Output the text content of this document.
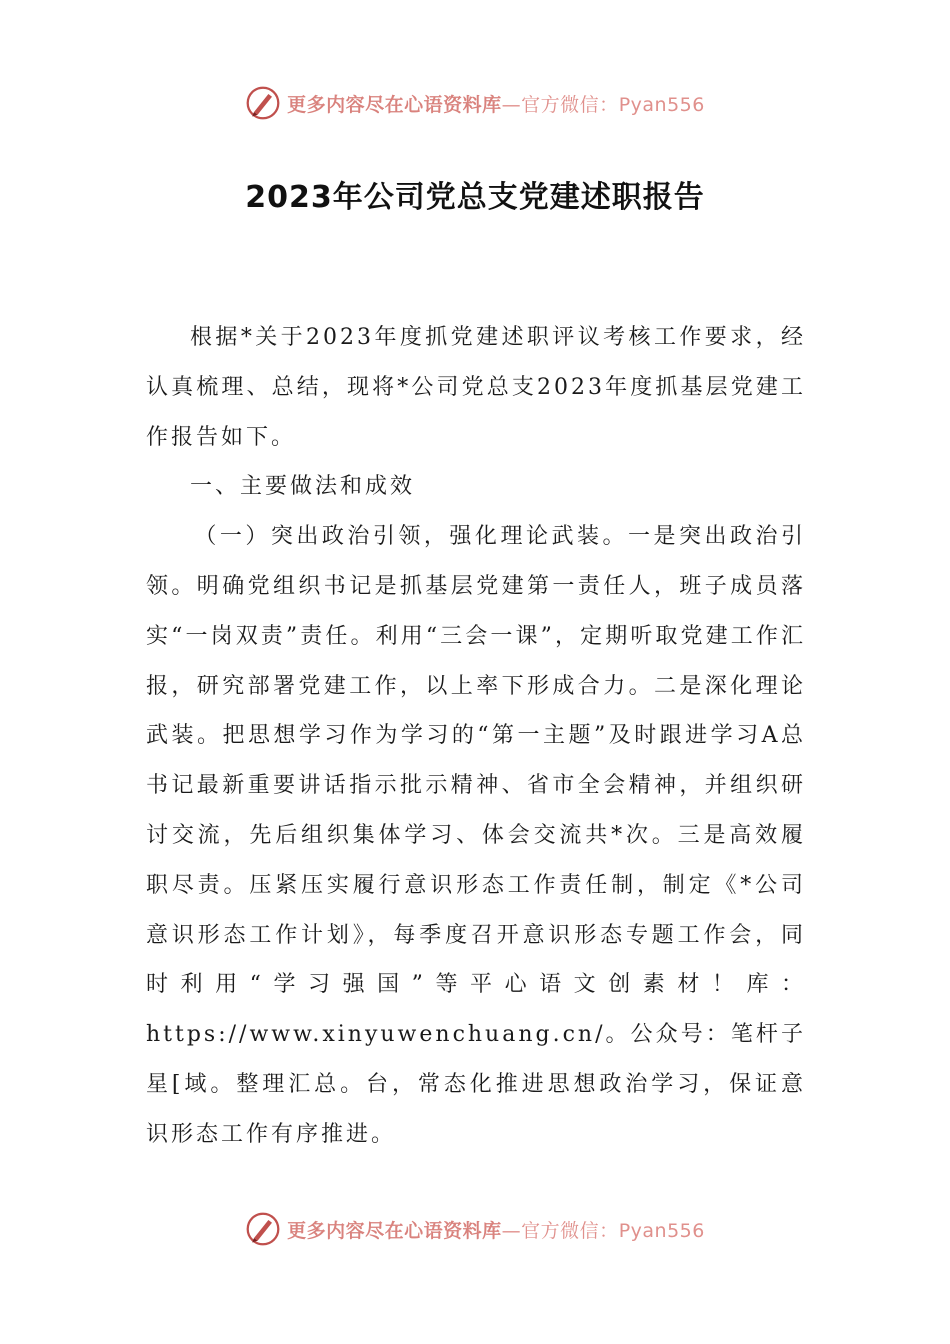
更多内容尽在心语资料库—官方微信：Pyan556
2023年公司党总支党建述职报告

根据*关于2023年度抓党建述职评议考核工作要求，经认真梳理、总结，现将*公司党总支2023年度抓基层党建工作报告如下。

一、主要做法和成效

（一）突出政治引领，强化理论武装。一是突出政治引领。明确党组织书记是抓基层党建第一责任人，班子成员落实“一岗双责”责任。利用“三会一课”，定期听取党建工作汇报，研究部署党建工作，以上率下形成合力。二是深化理论武装。把思想学习作为学习的“第一主题”及时跟进学习A总书记最新重要讲话指示批示精神、省市全会精神，并组织研讨交流，先后组织集体学习、体会交流共*次。三是高效履职尽责。压紧压实履行意识形态工作责任制，制定《*公司意识形态工作计划》，每季度召开意识形态专题工作会，同时利用“学习强国”等平心语文创素材！库：https://www.xinyuwenchuang.cn/。公众号：笔杆子星[域。整理汇总。台，常态化推进思想政治学习，保证意识形态工作有序推进。

更多内容尽在心语资料库—官方微信：Pyan556
